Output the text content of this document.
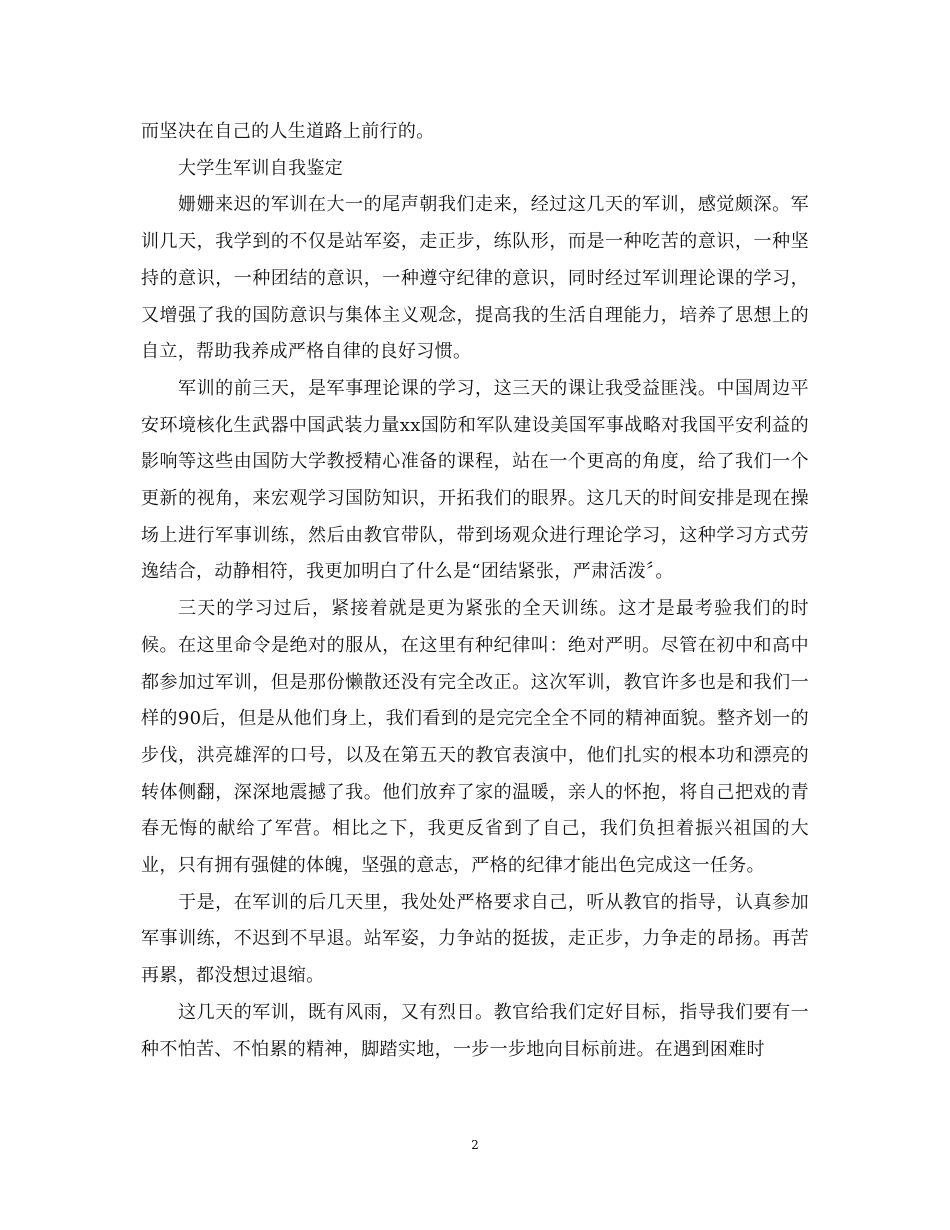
而坚决在自己的人生道路上前行的。

大学生军训自我鉴定

姗姗来迟的军训在大一的尾声朝我们走来，经过这几天的军训，感觉颇深。军训几天，我学到的不仅是站军姿，走正步，练队形，而是一种吃苦的意识，一种坚持的意识，一种团结的意识，一种遵守纪律的意识，同时经过军训理论课的学习，又增强了我的国防意识与集体主义观念，提高我的生活自理能力，培养了思想上的自立，帮助我养成严格自律的良好习惯。

军训的前三天，是军事理论课的学习，这三天的课让我受益匪浅。中国周边平安环境核化生武器中国武装力量xx国防和军队建设美国军事战略对我国平安利益的影响等这些由国防大学教授精心准备的课程，站在一个更高的角度，给了我们一个更新的视角，来宏观学习国防知识，开拓我们的眼界。这几天的时间安排是现在操场上进行军事训练，然后由教官带队，带到场观众进行理论学习，这种学习方式劳逸结合，动静相符，我更加明白了什么是“团结紧张，严肃活泼〞。

三天的学习过后，紧接着就是更为紧张的全天训练。这才是最考验我们的时候。在这里命令是绝对的服从，在这里有种纪律叫：绝对严明。尽管在初中和高中都参加过军训，但是那份懒散还没有完全改正。这次军训，教官许多也是和我们一样的90后，但是从他们身上，我们看到的是完完全全不同的精神面貌。整齐划一的步伐，洪亮雄浑的口号，以及在第五天的教官表演中，他们扎实的根本功和漂亮的转体侧翻，深深地震撼了我。他们放弃了家的温暖，亲人的怀抱，将自己把戏的青春无悔的献给了军营。相比之下，我更反省到了自己，我们负担着振兴祖国的大业，只有拥有强健的体魄，坚强的意志，严格的纪律才能出色完成这一任务。

于是，在军训的后几天里，我处处严格要求自己，听从教官的指导，认真参加军事训练，不迟到不早退。站军姿，力争站的挺拔，走正步，力争走的昂扬。再苦再累，都没想过退缩。

这几天的军训，既有风雨，又有烈日。教官给我们定好目标，指导我们要有一种不怕苦、不怕累的精神，脚踏实地，一步一步地向目标前进。在遇到困难时

2
